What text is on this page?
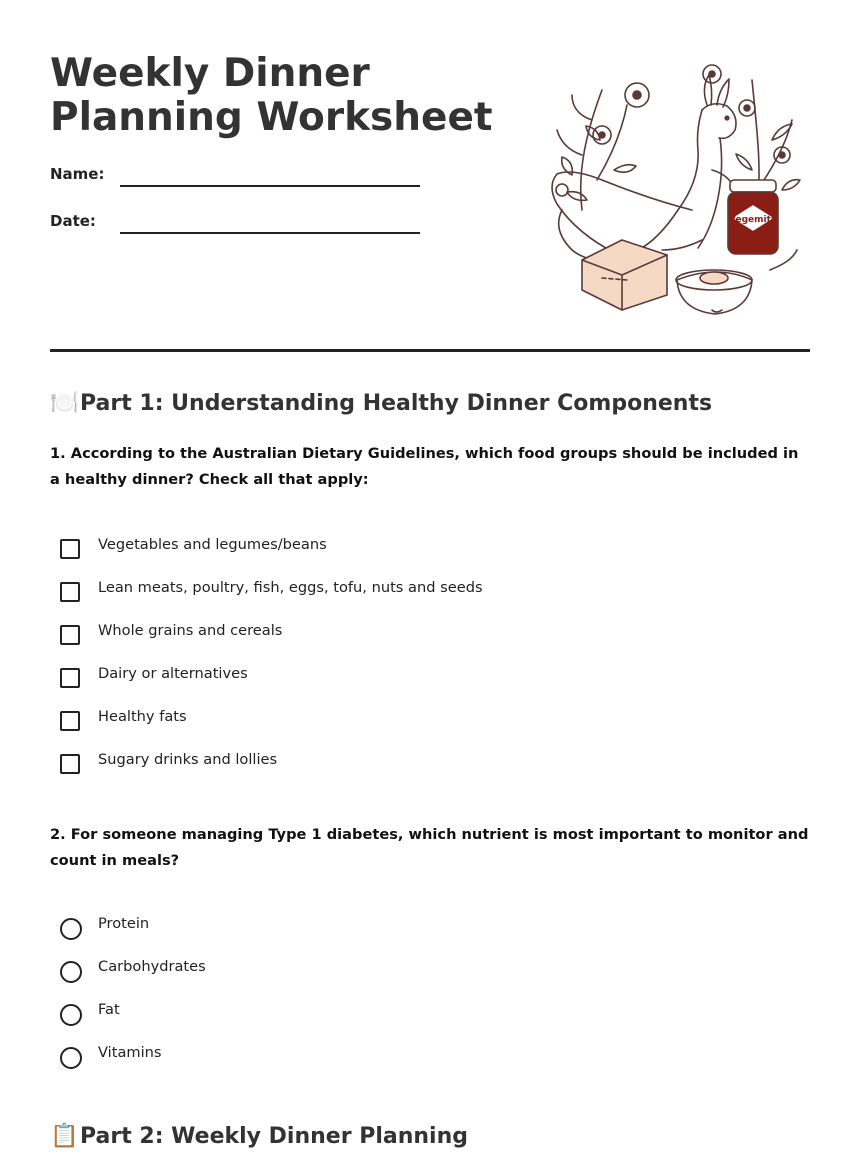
Weekly Dinner Planning Worksheet
Name:
Date:	Vegemite
🍽️Part 1: Understanding Healthy Dinner Components

1. According to the Australian Dietary Guidelines, which food groups should be included in a healthy dinner? Check all that apply:

Vegetables and legumes/beans
Lean meats, poultry, fish, eggs, tofu, nuts and seeds
Whole grains and cereals
Dairy or alternatives
Healthy fats
Sugary drinks and lollies

2. For someone managing Type 1 diabetes, which nutrient is most important to monitor and count in meals?

Protein
Carbohydrates
Fat
Vitamins
📋Part 2: Weekly Dinner Planning
